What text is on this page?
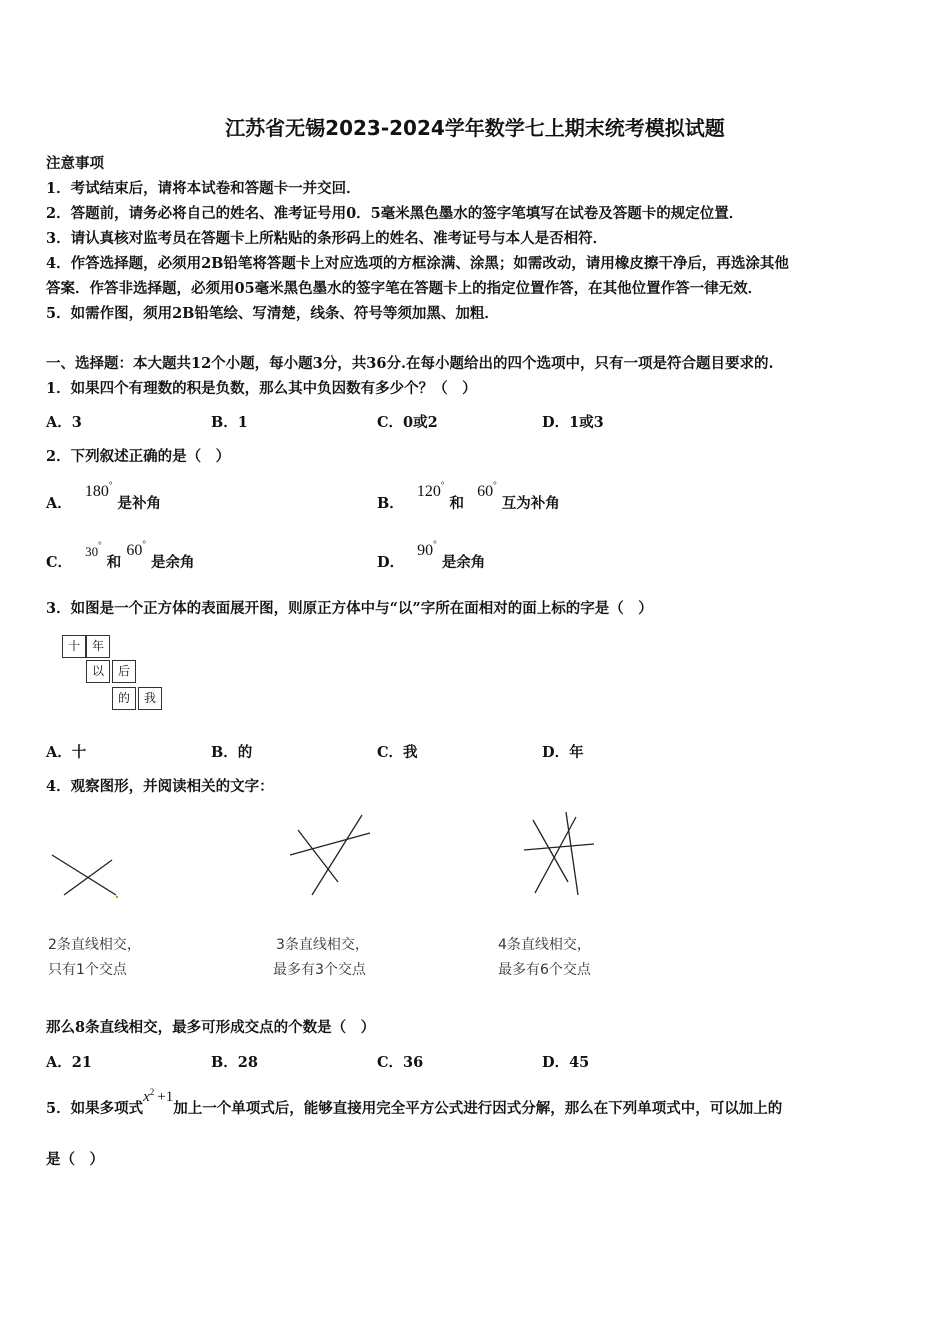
江苏省无锡2023-2024学年数学七上期末统考模拟试题
注意事项
1．考试结束后，请将本试卷和答题卡一并交回．
2．答题前，请务必将自己的姓名、准考证号用0．5毫米黑色墨水的签字笔填写在试卷及答题卡的规定位置．
3．请认真核对监考员在答题卡上所粘贴的条形码上的姓名、准考证号与本人是否相符．
4．作答选择题，必须用2B铅笔将答题卡上对应选项的方框涂满、涂黑；如需改动，请用橡皮擦干净后，再选涂其他
答案．作答非选择题，必须用05毫米黑色墨水的签字笔在答题卡上的指定位置作答，在其他位置作答一律无效．
5．如需作图，须用2B铅笔绘、写清楚，线条、符号等须加黑、加粗．
一、选择题：本大题共12个小题，每小题3分，共36分.在每小题给出的四个选项中，只有一项是符合题目要求的.
1．如果四个有理数的积是负数，那么其中负因数有多少个？（　）
A．3	B．1	C．0或2	D．1或3
2．下列叙述正确的是（　）
A． 180° 是补角	B． 120° 和 60° 互为补角
C． 30° 和 60° 是余角	D． 90° 是余角
3．如图是一个正方体的表面展开图，则原正方体中与“以”字所在面相对的面上标的字是（　）
十 年
以	后
的	我
A．十	B．的	C．我	D．年
4．观察图形，并阅读相关的文字：
2条直线相交，
只有1个交点
3条直线相交，
最多有3个交点
4条直线相交，
最多有6个交点
那么8条直线相交，最多可形成交点的个数是（　）
A．21	B．28	C．36	D．45
5．如果多项式$x^2 +1$加上一个单项式后，能够直接用完全平方公式进行因式分解，那么在下列单项式中，可以加上的
是（　）
